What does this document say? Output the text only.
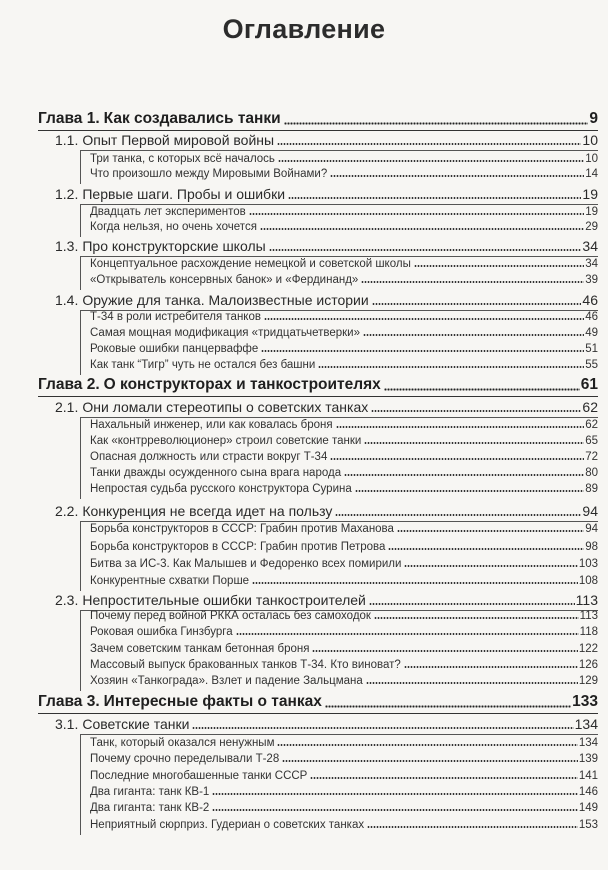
Оглавление
Глава 1. Как создавались танки	9
1.1. Опыт Первой мировой войны	10
Три танка, с которых всё началось	10
Что произошло между Мировыми Войнами?	14
1.2. Первые шаги. Пробы и ошибки	19
Двадцать лет экспериментов	19
Когда нельзя, но очень хочется	29
1.3. Про конструкторские школы	34
Концептуальное расхождение немецкой и советской школы	34
«Открыватель консервных банок» и «Фердинанд»	39
1.4. Оружие для танка. Малоизвестные истории	46
Т-34 в роли истребителя танков	46
Самая мощная модификация «тридцатьчетверки»	49
Роковые ошибки панцерваффе	51
Как танк “Тигр” чуть не остался без башни	55
Глава 2. О конструкторах и танкостроителях	61
2.1. Они ломали стереотипы о советских танках	62
Нахальный инженер, или как ковалась броня	62
Как «контрреволюционер» строил советские танки	65
Опасная должность или страсти вокруг Т-34	72
Танки дважды осужденного сына врага народа	80
Непростая судьба русского конструктора Сурина	89
2.2. Конкуренция не всегда идет на пользу	94
Борьба конструкторов в СССР: Грабин против Маханова	94
Борьба конструкторов в СССР: Грабин против Петрова	98
Битва за ИС-3. Как Малышев и Федоренко всех помирили	103
Конкурентные схватки Порше	108
2.3. Непростительные ошибки танкостроителей	113
Почему перед войной РККА осталась без самоходок	113
Роковая ошибка Гинзбурга	118
Зачем советским танкам бетонная броня	122
Массовый выпуск бракованных танков Т-34. Кто виноват?	126
Хозяин «Танкограда». Взлет и падение Зальцмана	129
Глава 3. Интересные факты о танках	133
3.1. Советские танки	134
Танк, который оказался ненужным	134
Почему срочно переделывали Т-28	139
Последние многобашенные танки СССР	141
Два гиганта: танк КВ-1	146
Два гиганта: танк КВ-2	149
Неприятный сюрприз. Гудериан о советских танках	153
